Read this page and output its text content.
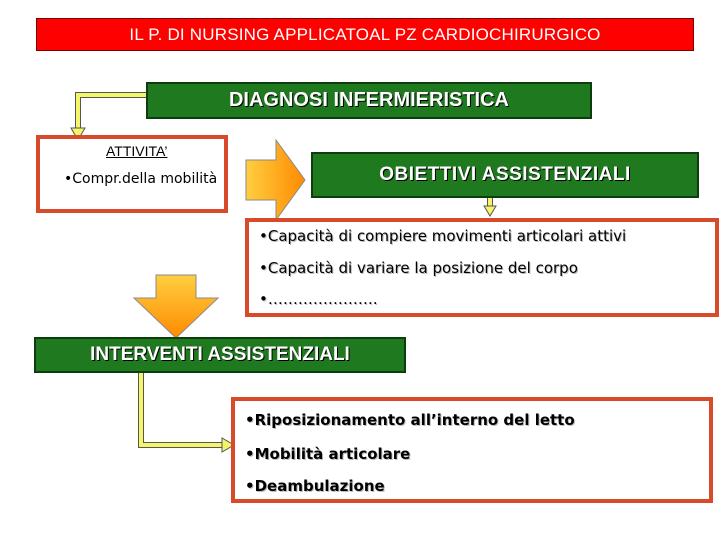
IL P. DI NURSING APPLICATOAL PZ CARDIOCHIRURGICO
DIAGNOSI INFERMIERISTICA
ATTIVITA’
•Compr.della mobilità	OBIETTIVI ASSISTENZIALI
•Capacità di compiere movimenti articolari attivi
•Capacità di variare la posizione del corpo
•………………….
INTERVENTI ASSISTENZIALI
•Riposizionamento all’interno del letto
•Mobilità articolare
•Deambulazione
